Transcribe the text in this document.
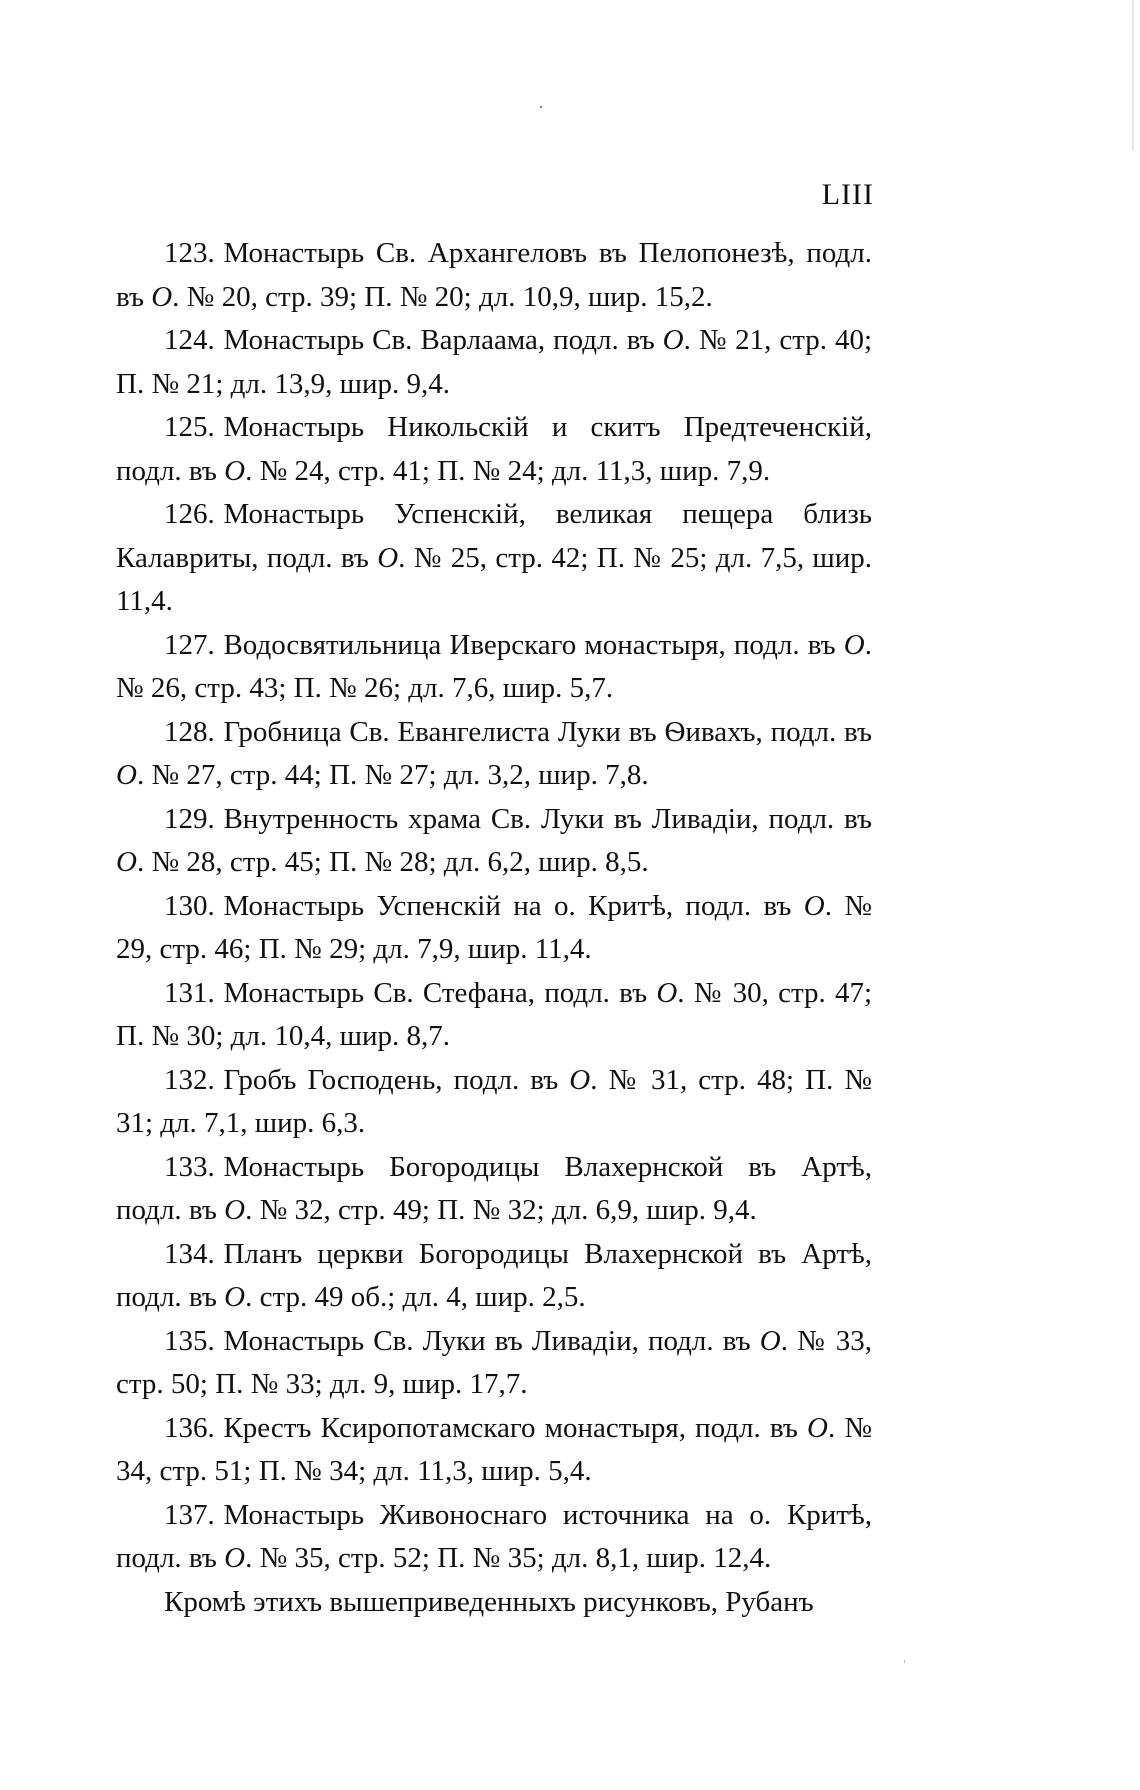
LIII

123. Монастырь Св. Архангеловъ въ Пелопонезѣ, подл. въ О. № 20, стр. 39; П. № 20; дл. 10,9, шир. 15,2.

124. Монастырь Св. Варлаама, подл. въ О. № 21, стр. 40; П. № 21; дл. 13,9, шир. 9,4.

125. Монастырь Никольскій и скитъ Предтеченскій, подл. въ О. № 24, стр. 41; П. № 24; дл. 11,3, шир. 7,9.

126. Монастырь Успенскій, великая пещера близь Калавриты, подл. въ О. № 25, стр. 42; П. № 25; дл. 7,5, шир. 11,4.

127. Водосвятильница Иверскаго монастыря, подл. въ О. № 26, стр. 43; П. № 26; дл. 7,6, шир. 5,7.

128. Гробница Св. Евангелиста Луки въ Ѳивахъ, подл. въ О. № 27, стр. 44; П. № 27; дл. 3,2, шир. 7,8.

129. Внутренность храма Св. Луки въ Ливадіи, подл. въ О. № 28, стр. 45; П. № 28; дл. 6,2, шир. 8,5.

130. Монастырь Успенскій на о. Критѣ, подл. въ О. № 29, стр. 46; П. № 29; дл. 7,9, шир. 11,4.

131. Монастырь Св. Стефана, подл. въ О. № 30, стр. 47; П. № 30; дл. 10,4, шир. 8,7.

132. Гробъ Господень, подл. въ О. № 31, стр. 48; П. № 31; дл. 7,1, шир. 6,3.

133. Монастырь Богородицы Влахернской въ Артѣ, подл. въ О. № 32, стр. 49; П. № 32; дл. 6,9, шир. 9,4.

134. Планъ церкви Богородицы Влахернской въ Артѣ, подл. въ О. стр. 49 об.; дл. 4, шир. 2,5.

135. Монастырь Св. Луки въ Ливадіи, подл. въ О. № 33, стр. 50; П. № 33; дл. 9, шир. 17,7.

136. Крестъ Ксиропотамскаго монастыря, подл. въ О. № 34, стр. 51; П. № 34; дл. 11,3, шир. 5,4.

137. Монастырь Живоноснаго источника на о. Критѣ, подл. въ О. № 35, стр. 52; П. № 35; дл. 8,1, шир. 12,4.

Кромѣ этихъ вышеприведенныхъ рисунковъ, Рубанъ
